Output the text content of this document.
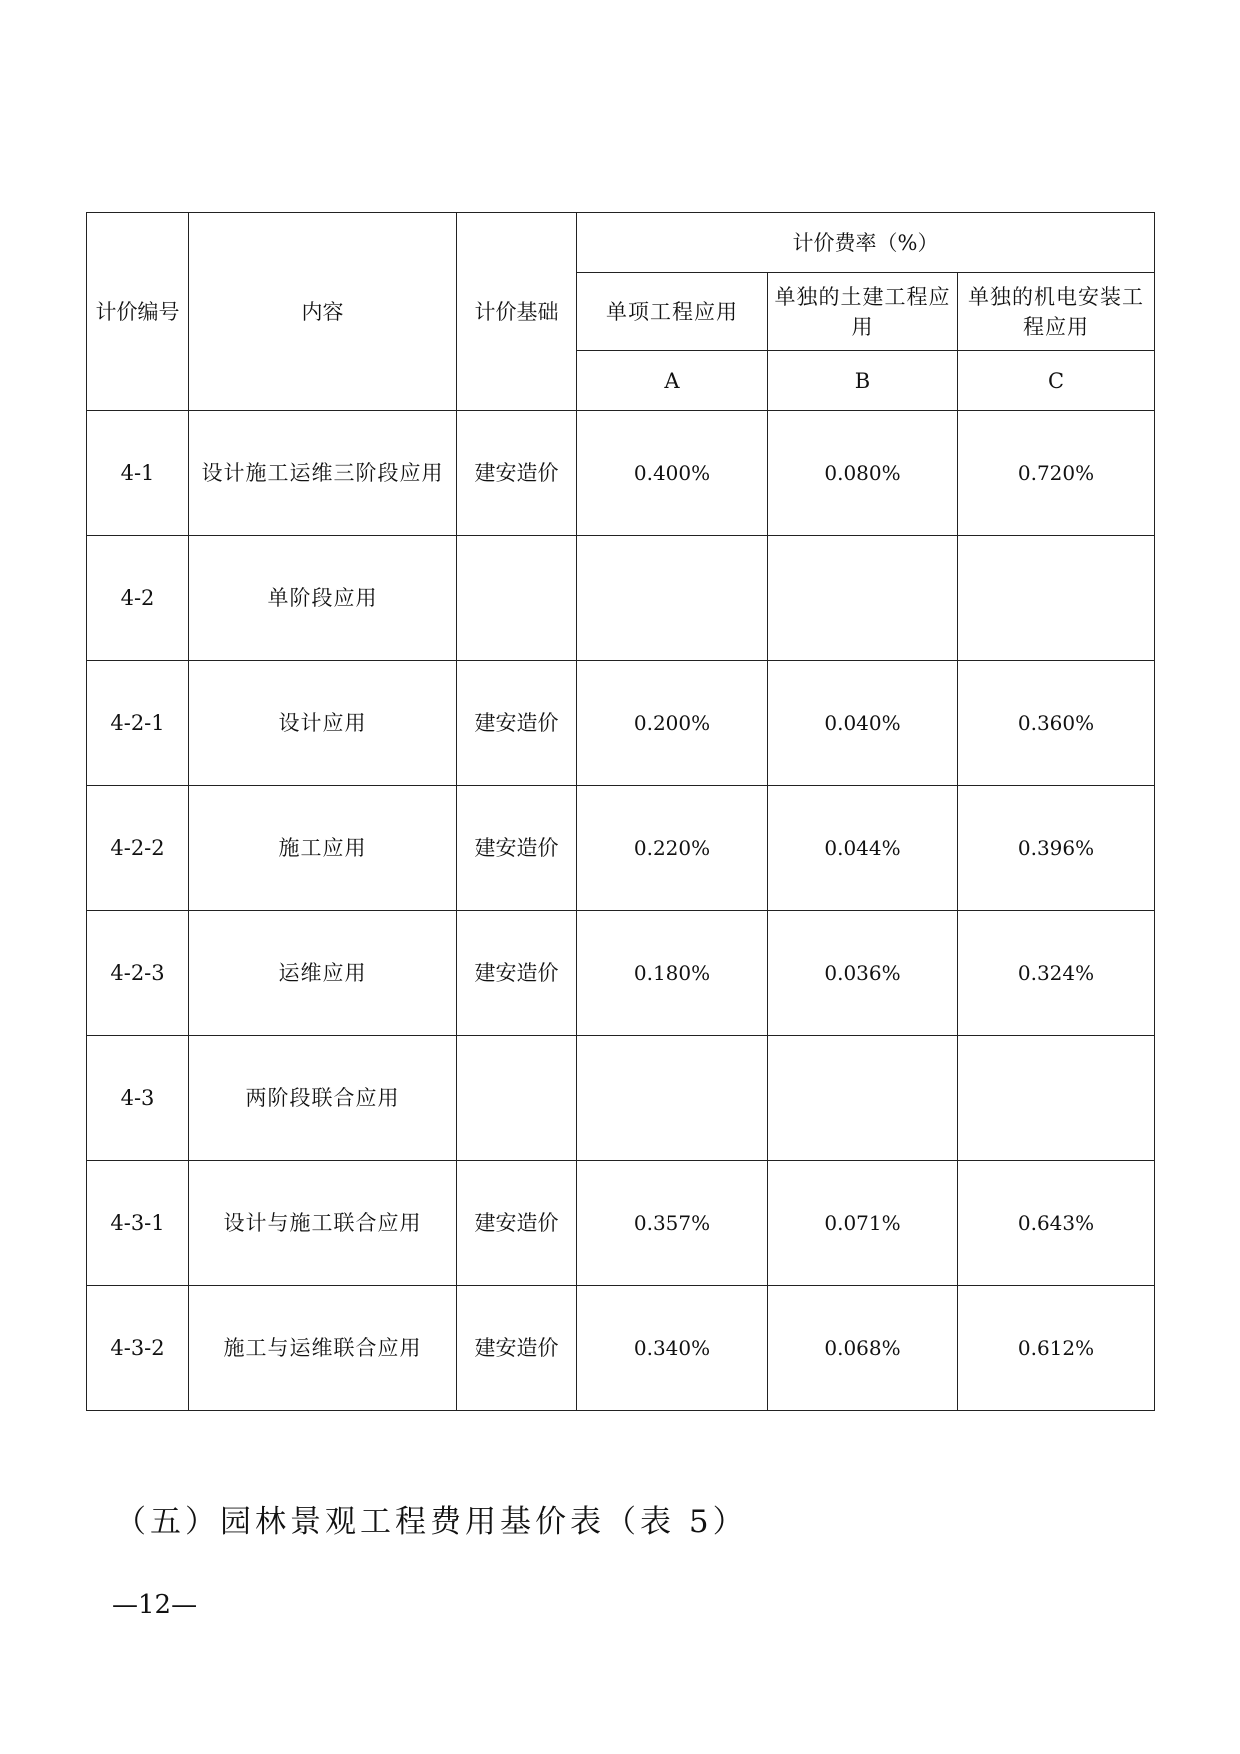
计价编号	内容	计价基础	计价费率（%）		
			单项工程应用	单独的土建工程应用	单独的机电安装工程应用
			A	B	C
4-1	设计施工运维三阶段应用	建安造价	0.400%	0.080%	0.720%
4-2	单阶段应用				
4-2-1	设计应用	建安造价	0.200%	0.040%	0.360%
4-2-2	施工应用	建安造价	0.220%	0.044%	0.396%
4-2-3	运维应用	建安造价	0.180%	0.036%	0.324%
4-3	两阶段联合应用				
4-3-1	设计与施工联合应用	建安造价	0.357%	0.071%	0.643%
4-3-2	施工与运维联合应用	建安造价	0.340%	0.068%	0.612%
（五）园林景观工程费用基价表（表 5）
—12—
